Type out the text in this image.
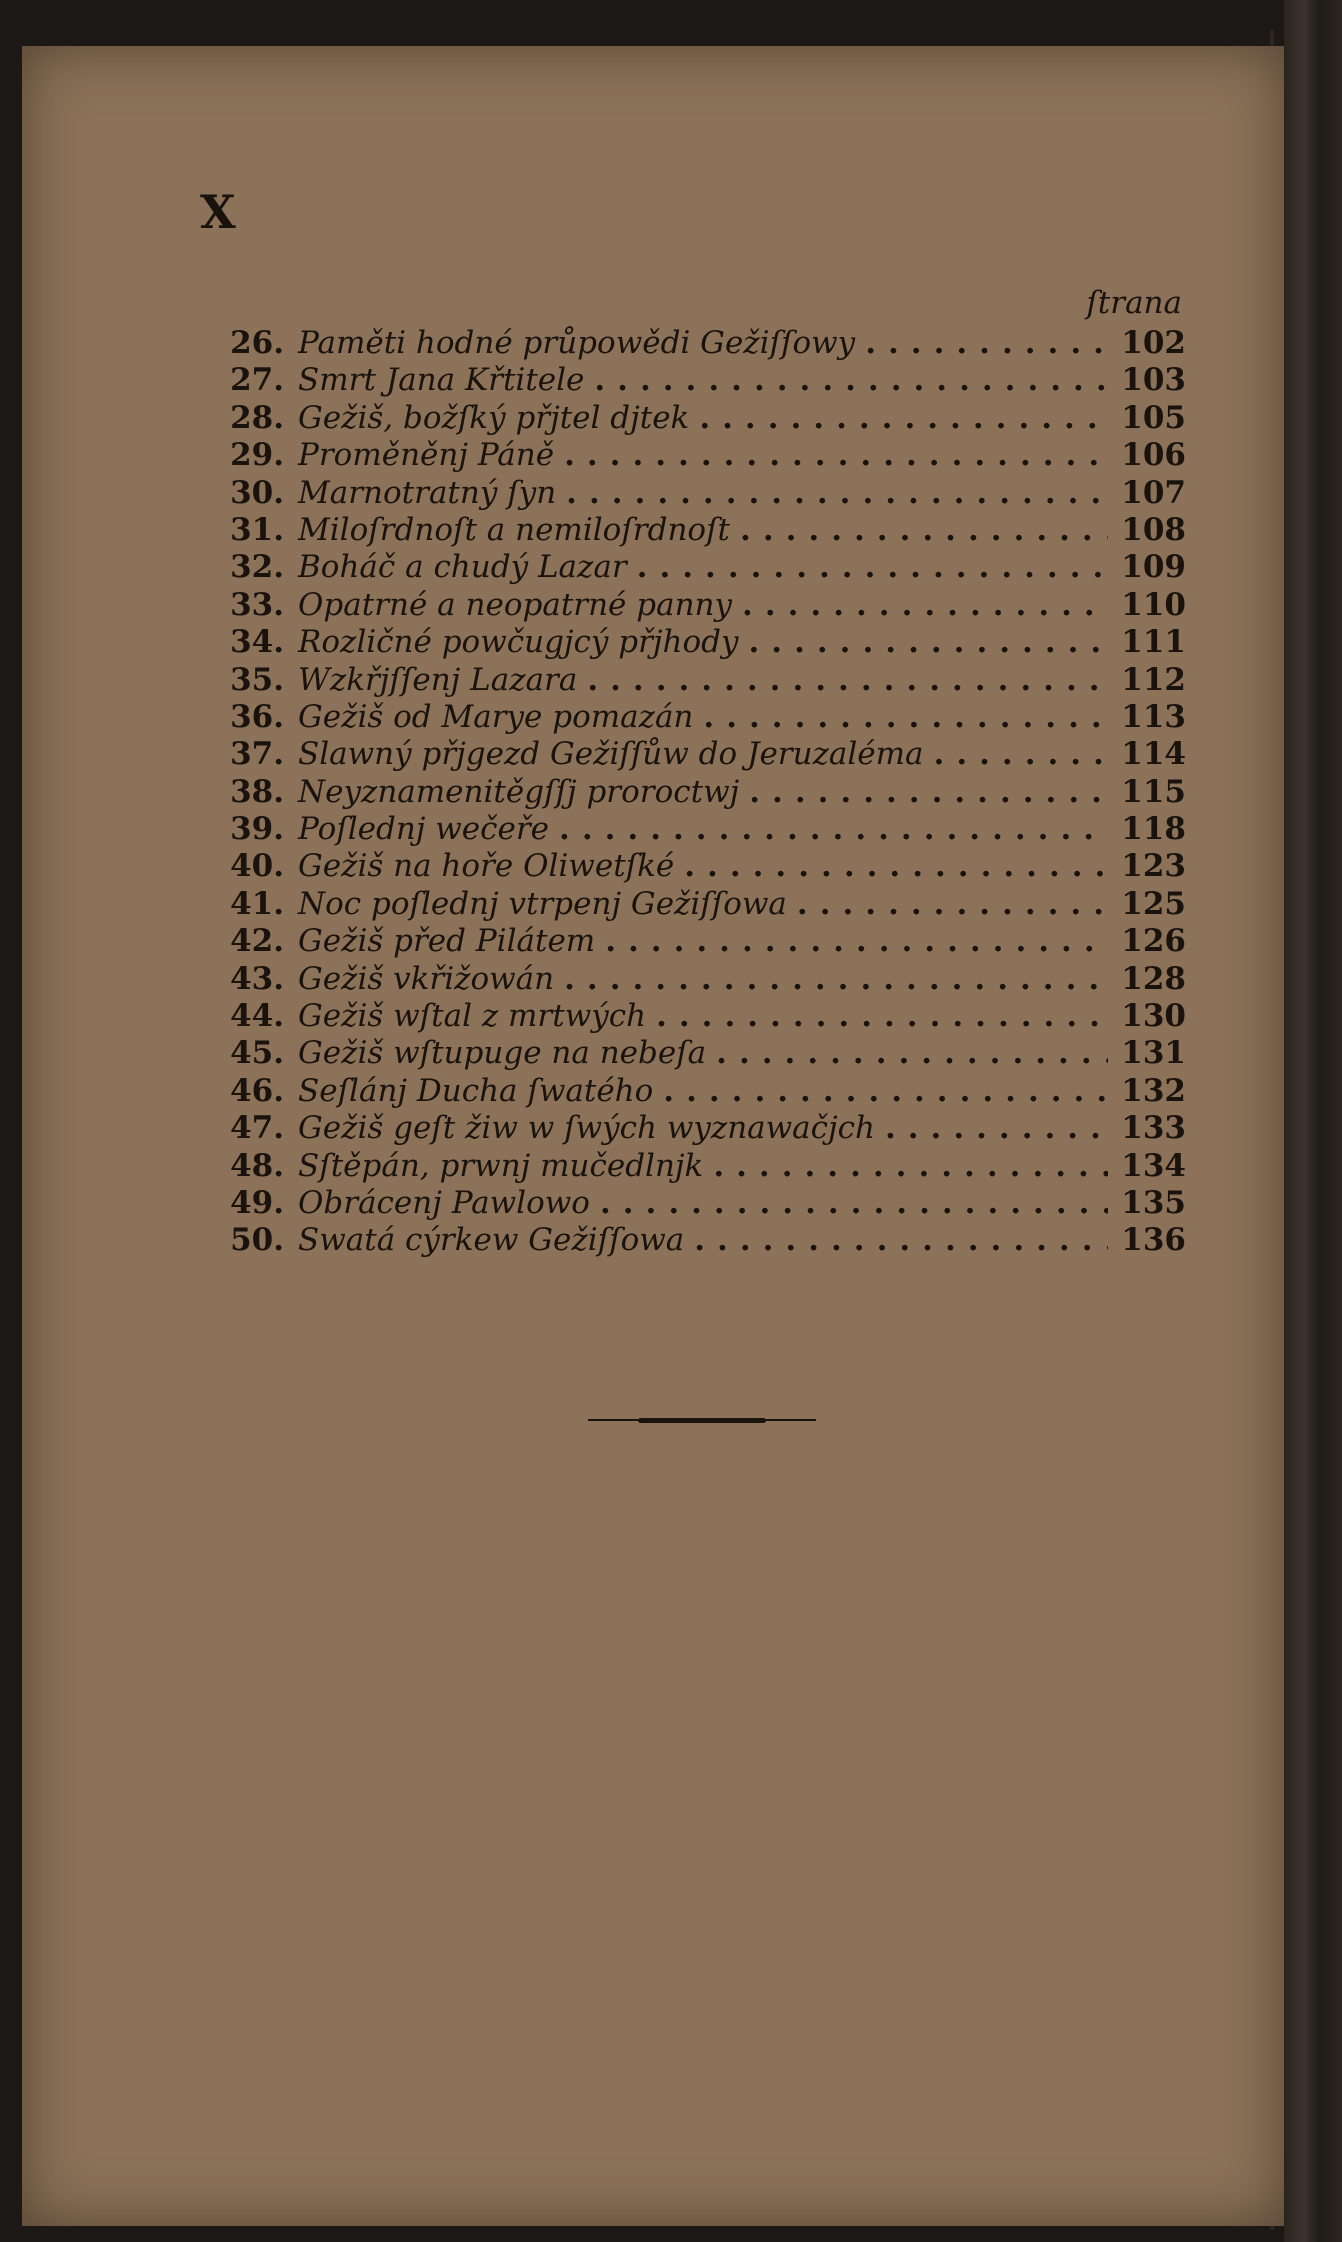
X
ſtrana
26. Paměti hodné průpowědi Gežiſſowy .....	102
27. Smrt Jana Křtitele .....	103
28. Gežiš, božſký přjtel djtek .....	105
29. Proměněnj Páně .....	106
30. Marnotratný ſyn .....	107
31. Miloſrdnoſt a nemiloſrdnoſt .....	108
32. Boháč a chudý Lazar .....	109
33. Opatrné a neopatrné panny .....	110
34. Rozličné powčugjcý přjhody .....	111
35. Wzkřjſſenj Lazara .....	112
36. Gežiš od Marye pomazán .....	113
37. Slawný přjgezd Gežiſſůw do Jeruzaléma .....	114
38. Neyznamenitěgſſj proroctwj .....	115
39. Poſlednj wečeře .....	118
40. Gežiš na hoře Oliwetſké .....	123
41. Noc poſlednj vtrpenj Gežiſſowa .....	125
42. Gežiš před Pilátem .....	126
43. Gežiš vkřižowán .....	128
44. Gežiš wſtal z mrtwých .....	130
45. Gežiš wſtupuge na nebeſa .....	131
46. Seſlánj Ducha ſwatého .....	132
47. Gežiš geſt žiw w ſwých wyznawačjch .....	133
48. Sſtěpán, prwnj mučedlnjk .....	134
49. Obrácenj Pawlowo .....	135
50. Swatá cýrkew Gežiſſowa .....	136
